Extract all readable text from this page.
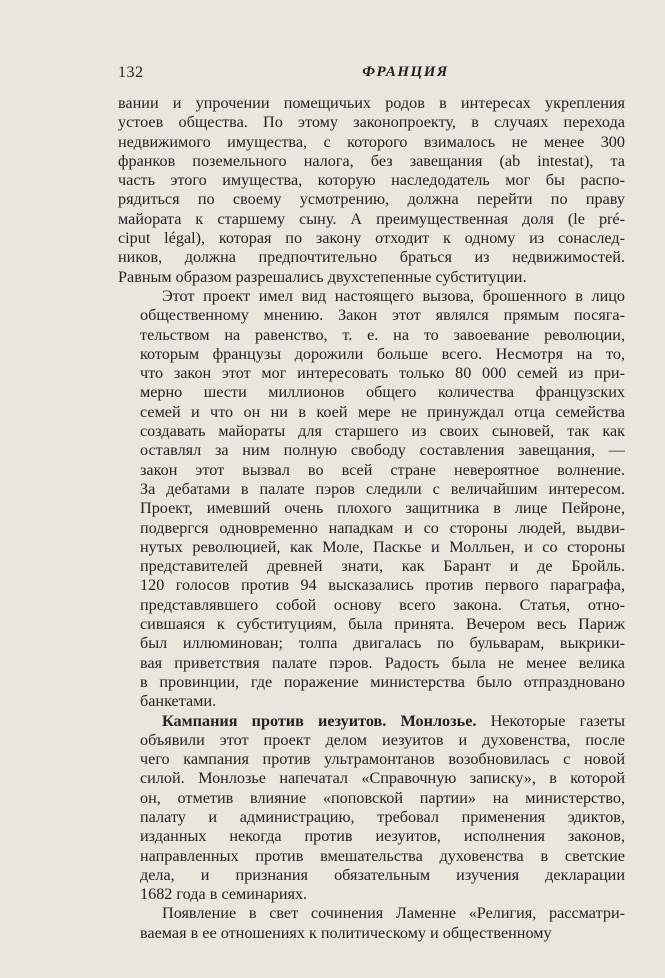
132	ФРАНЦИЯ
вании и упрочении помещичьих родов в интересах укрепления
устоев общества. По этому законопроекту, в случаях перехода
недвижимого имущества, с которого взималось не менее 300
франков поземельного налога, без завещания (ab intestat), та
часть этого имущества, которую наследодатель мог бы распо-
рядиться по своему усмотрению, должна перейти по праву
майората к старшему сыну. А преимущественная доля (le pré-
ciput légal), которая по закону отходит к одному из сонаслед-
ников, должна предпочтительно браться из недвижимостей.
Равным образом разрешались двухстепенные субституции.
Этот проект имел вид настоящего вызова, брошенного в лицо
общественному мнению. Закон этот являлся прямым посяга-
тельством на равенство, т. е. на то завоевание революции,
которым французы дорожили больше всего. Несмотря на то,
что закон этот мог интересовать только 80 000 семей из при-
мерно шести миллионов общего количества французских
семей и что он ни в коей мере не принуждал отца семейства
создавать майораты для старшего из своих сыновей, так как
оставлял за ним полную свободу составления завещания, —
закон этот вызвал во всей стране невероятное волнение.
За дебатами в палате пэров следили с величайшим интересом.
Проект, имевший очень плохого защитника в лице Пейроне,
подвергся одновременно нападкам и со стороны людей, выдви-
нутых революцией, как Моле, Паскье и Молльен, и со стороны
представителей древней знати, как Барант и де Бройль.
120 голосов против 94 высказались против первого параграфа,
представлявшего собой основу всего закона. Статья, отно-
сившаяся к субституциям, была принята. Вечером весь Париж
был иллюминован; толпа двигалась по бульварам, выкрики-
вая приветствия палате пэров. Радость была не менее велика
в провинции, где поражение министерства было отпраздновано
банкетами.
Кампания против иезуитов. Монлозье. Некоторые газеты
объявили этот проект делом иезуитов и духовенства, после
чего кампания против ультрамонтанов возобновилась с новой
силой. Монлозье напечатал «Справочную записку», в которой
он, отметив влияние «поповской партии» на министерство,
палату и администрацию, требовал применения эдиктов,
изданных некогда против иезуитов, исполнения законов,
направленных против вмешательства духовенства в светские
дела, и признания обязательным изучения декларации
1682 года в семинариях.
Появление в свет сочинения Ламенне «Религия, рассматри-
ваемая в ее отношениях к политическому и общественному
